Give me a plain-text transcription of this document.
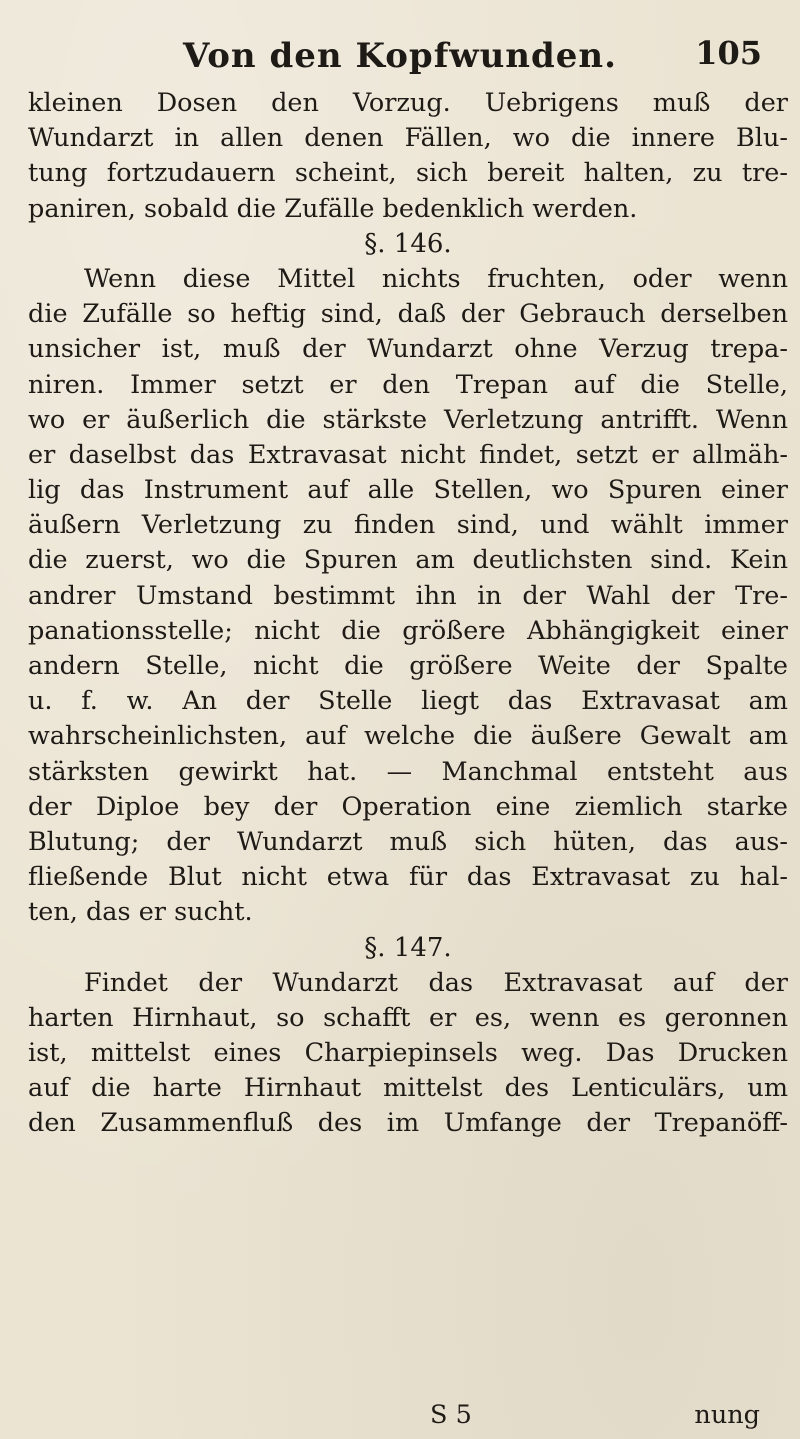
Von den Kopfwunden.	105
kleinen Dosen den Vorzug. Uebrigens muß der
Wundarzt in allen denen Fällen, wo die innere Blu-
tung fortzudauern scheint, sich bereit halten, zu tre-
paniren, sobald die Zufälle bedenklich werden.
§. 146.
Wenn diese Mittel nichts fruchten, oder wenn
die Zufälle so heftig sind, daß der Gebrauch derselben
unsicher ist, muß der Wundarzt ohne Verzug trepa-
niren. Immer setzt er den Trepan auf die Stelle,
wo er äußerlich die stärkste Verletzung antrifft. Wenn
er daselbst das Extravasat nicht findet, setzt er allmäh-
lig das Instrument auf alle Stellen, wo Spuren einer
äußern Verletzung zu finden sind, und wählt immer
die zuerst, wo die Spuren am deutlichsten sind. Kein
andrer Umstand bestimmt ihn in der Wahl der Tre-
panationsstelle; nicht die größere Abhängigkeit einer
andern Stelle, nicht die größere Weite der Spalte
u. f. w. An der Stelle liegt das Extravasat am
wahrscheinlichsten, auf welche die äußere Gewalt am
stärksten gewirkt hat. — Manchmal entsteht aus
der Diploe bey der Operation eine ziemlich starke
Blutung; der Wundarzt muß sich hüten, das aus-
fließende Blut nicht etwa für das Extravasat zu hal-
ten, das er sucht.
§. 147.
Findet der Wundarzt das Extravasat auf der
harten Hirnhaut, so schafft er es, wenn es geronnen
ist, mittelst eines Charpiepinsels weg. Das Drucken
auf die harte Hirnhaut mittelst des Lenticulärs, um
den Zusammenfluß des im Umfange der Trepanöff-
S 5	nung
